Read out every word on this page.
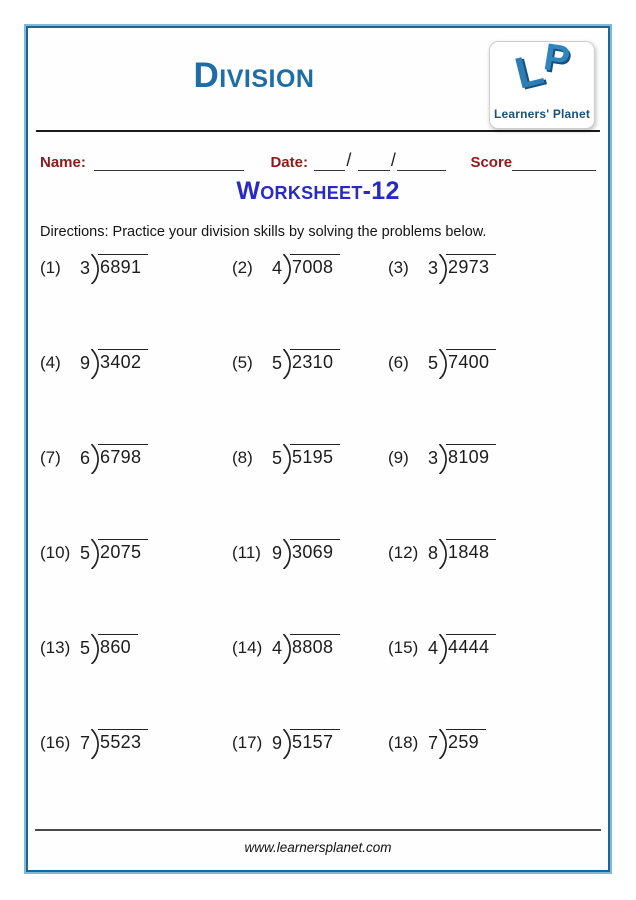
Division	L
P
Learners' Planet
Name:	Date: / /	Score
Worksheet-12
Directions: Practice your division skills by solving the problems below.
(1)	3 6891	(2)	4 7008	(3)	3 2973
(4)	9 3402	(5)	5 2310	(6)	5 7400
(7)	6 6798	(8)	5 5195	(9)	3 8109
(10) 5 2075	(11) 9 3069	(12) 8 1848
(13) 5 860	(14) 4 8808	(15) 4 4444
(16) 7 5523	(17) 9 5157	(18) 7 259
www.learnersplanet.com
